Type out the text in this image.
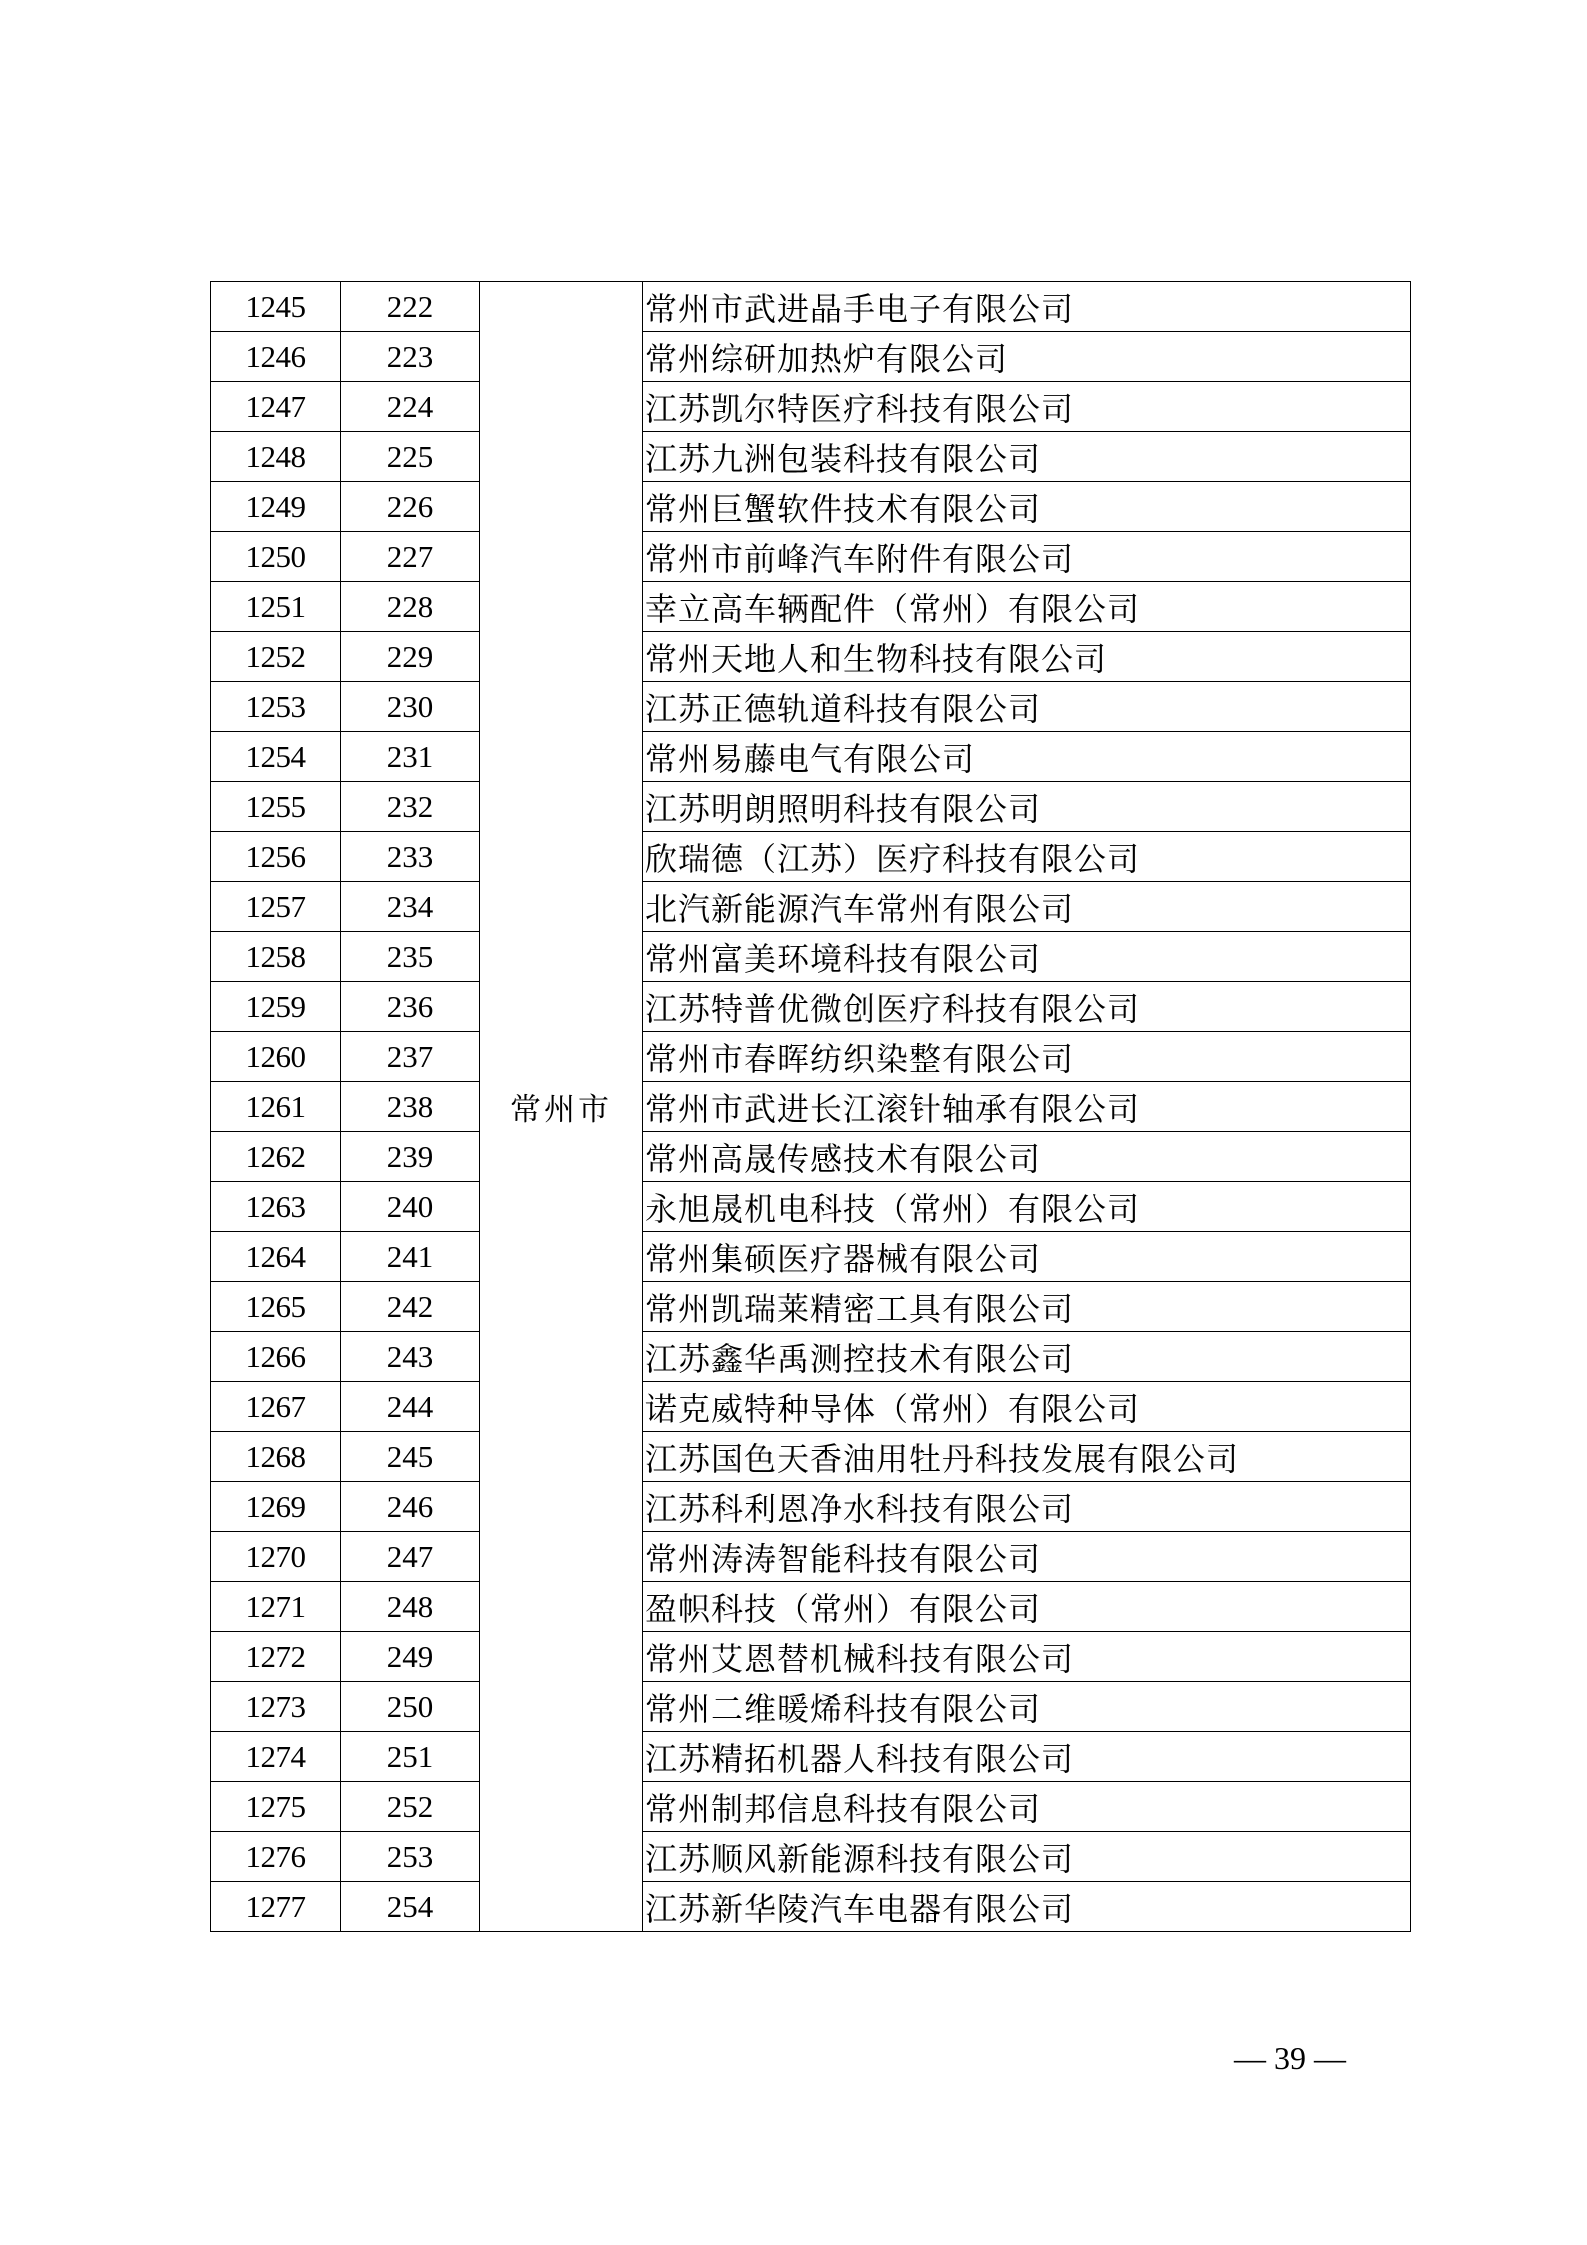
1245	222	常州市	常州市武进晶手电子有限公司
1246	223		常州综研加热炉有限公司
1247	224		江苏凯尔特医疗科技有限公司
1248	225		江苏九洲包装科技有限公司
1249	226		常州巨蟹软件技术有限公司
1250	227		常州市前峰汽车附件有限公司
1251	228		幸立高车辆配件（常州）有限公司
1252	229		常州天地人和生物科技有限公司
1253	230		江苏正德轨道科技有限公司
1254	231		常州易藤电气有限公司
1255	232		江苏明朗照明科技有限公司
1256	233		欣瑞德（江苏）医疗科技有限公司
1257	234		北汽新能源汽车常州有限公司
1258	235		常州富美环境科技有限公司
1259	236		江苏特普优微创医疗科技有限公司
1260	237		常州市春晖纺织染整有限公司
1261	238		常州市武进长江滚针轴承有限公司
1262	239		常州高晟传感技术有限公司
1263	240		永旭晟机电科技（常州）有限公司
1264	241		常州集硕医疗器械有限公司
1265	242		常州凯瑞莱精密工具有限公司
1266	243		江苏鑫华禹测控技术有限公司
1267	244		诺克威特种导体（常州）有限公司
1268	245		江苏国色天香油用牡丹科技发展有限公司
1269	246		江苏科利恩净水科技有限公司
1270	247		常州涛涛智能科技有限公司
1271	248		盈帜科技（常州）有限公司
1272	249		常州艾恩替机械科技有限公司
1273	250		常州二维暖烯科技有限公司
1274	251		江苏精拓机器人科技有限公司
1275	252		常州制邦信息科技有限公司
1276	253		江苏顺风新能源科技有限公司
1277	254		江苏新华陵汽车电器有限公司
— 39 —
